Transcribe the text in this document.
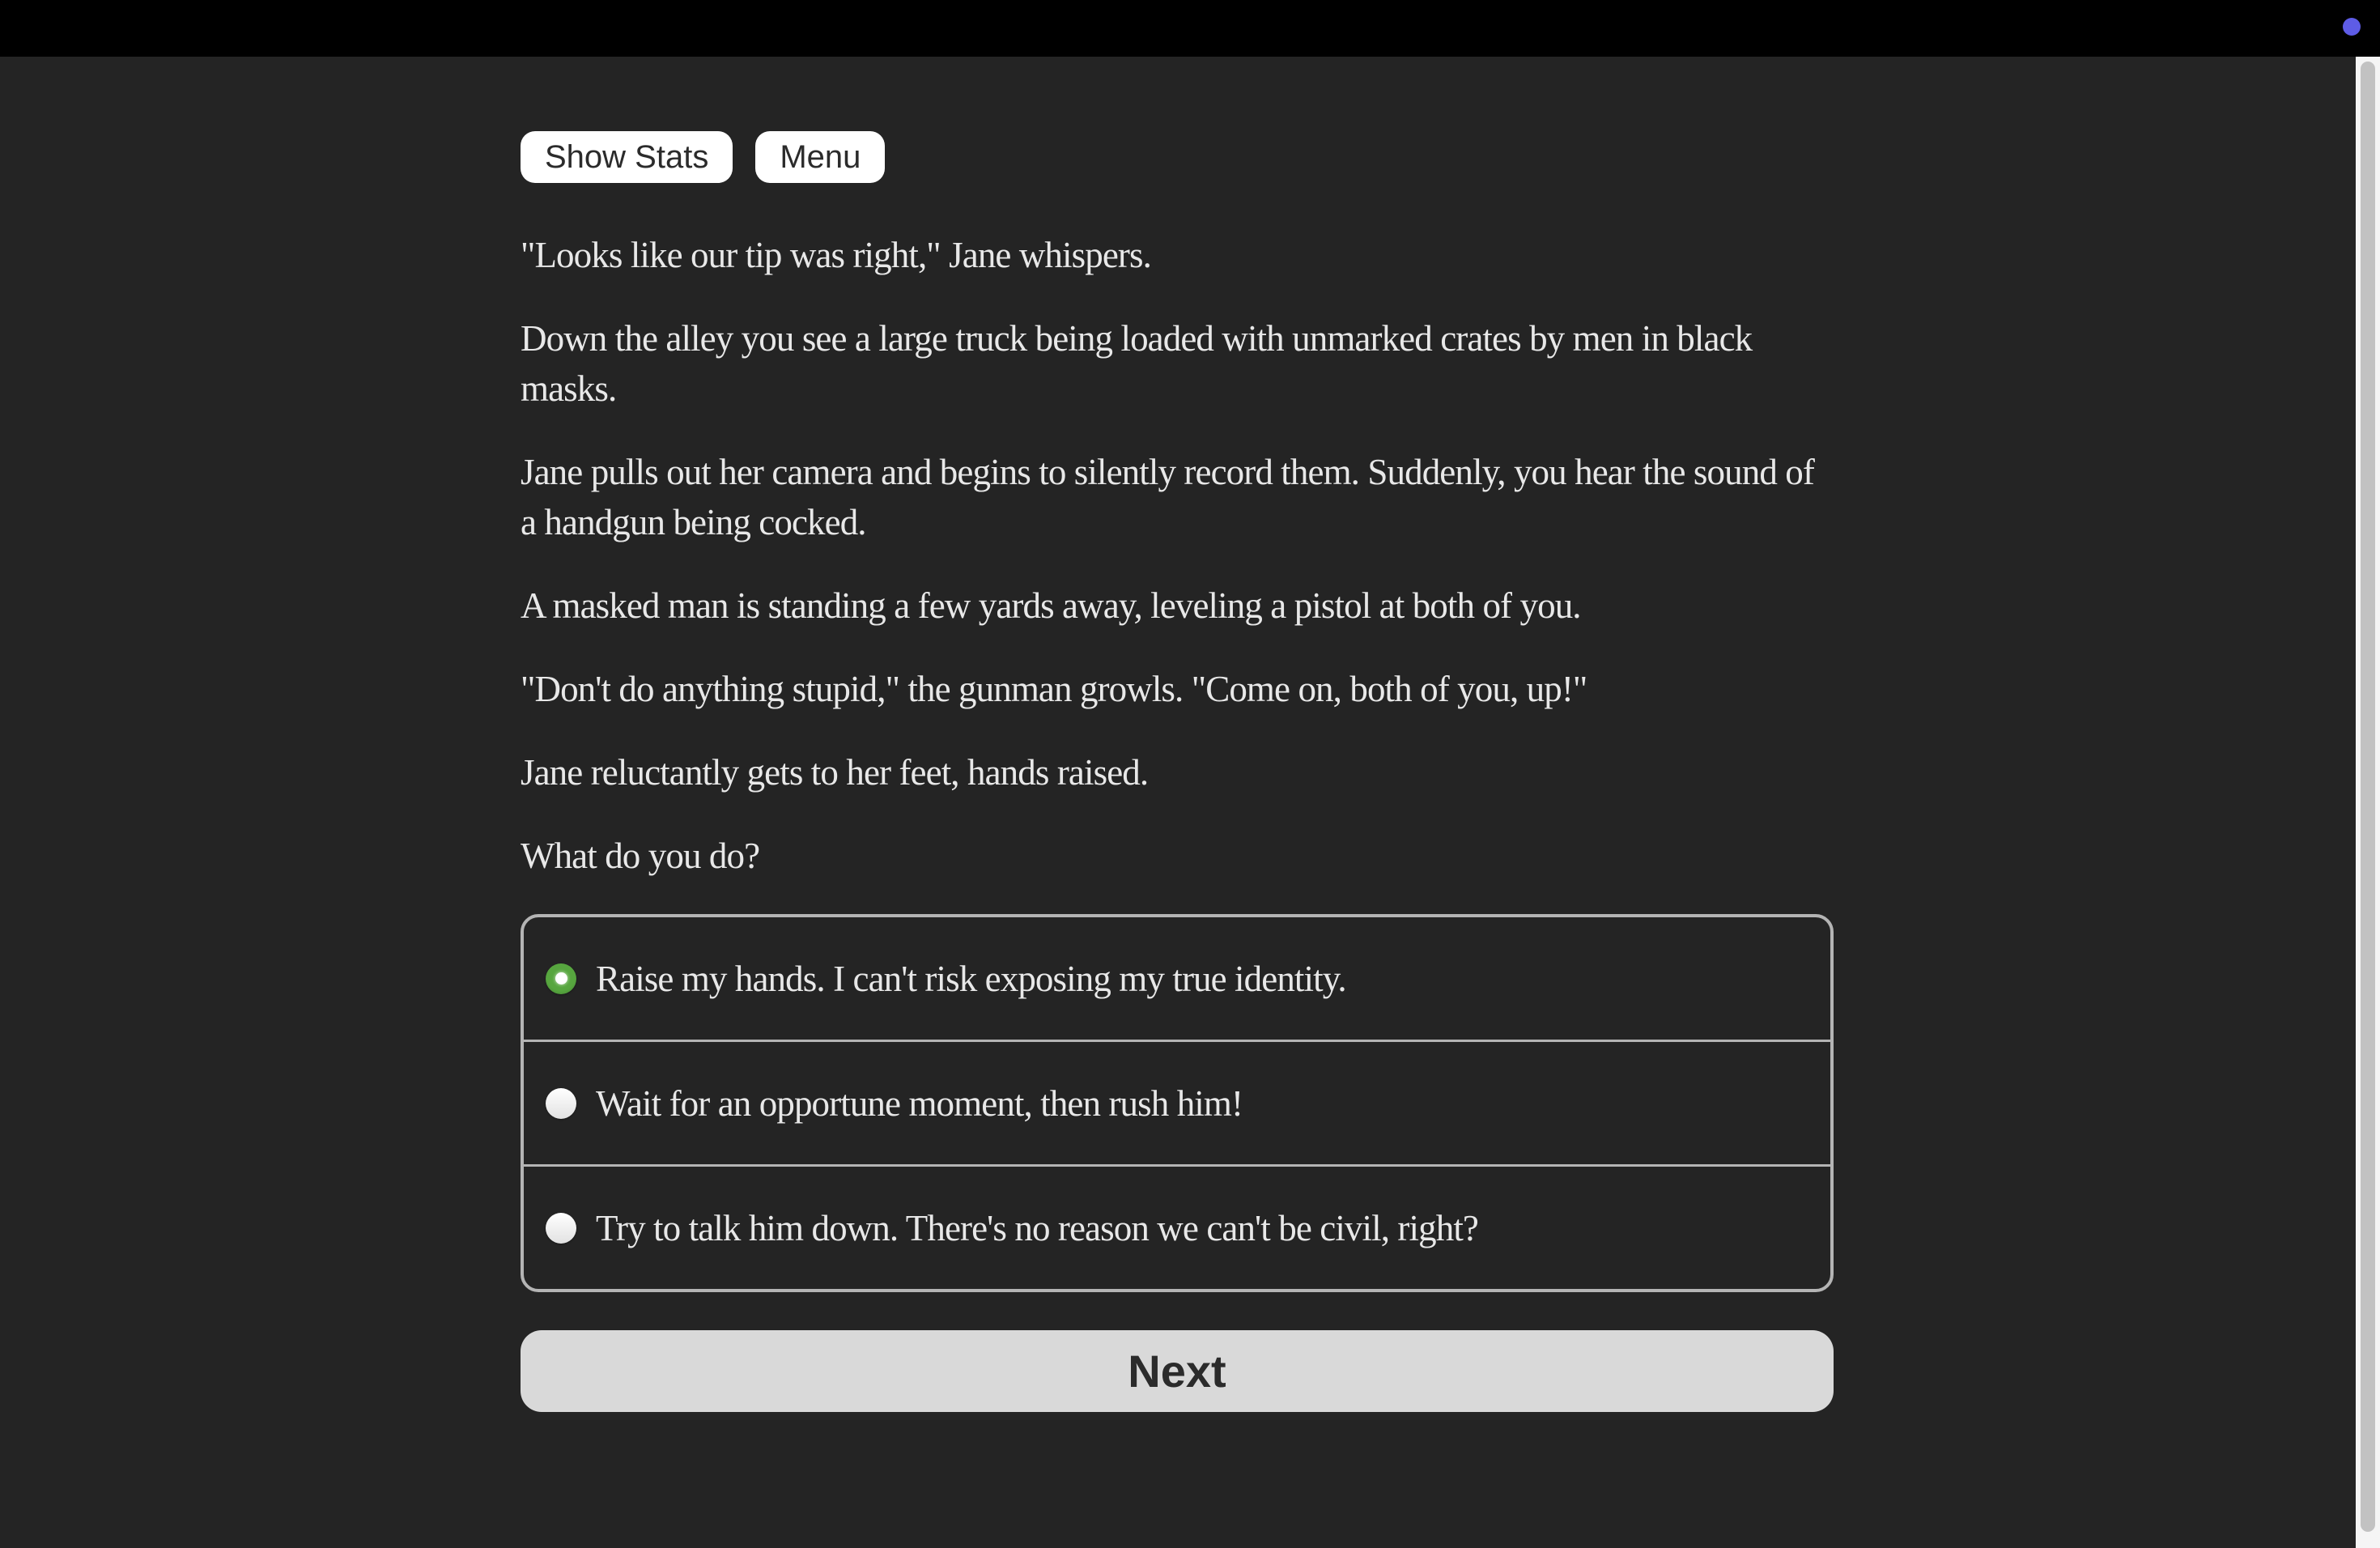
Show Stats	Menu

"Looks like our tip was right," Jane whispers.

Down the alley you see a large truck being loaded with unmarked crates by men in black masks.

Jane pulls out her camera and begins to silently record them. Suddenly, you hear the sound of a handgun being cocked.

A masked man is standing a few yards away, leveling a pistol at both of you.

"Don't do anything stupid," the gunman growls. "Come on, both of you, up!"

Jane reluctantly gets to her feet, hands raised.

What do you do?

Raise my hands. I can't risk exposing my true identity.
Wait for an opportune moment, then rush him!
Try to talk him down. There's no reason we can't be civil, right?
Next
